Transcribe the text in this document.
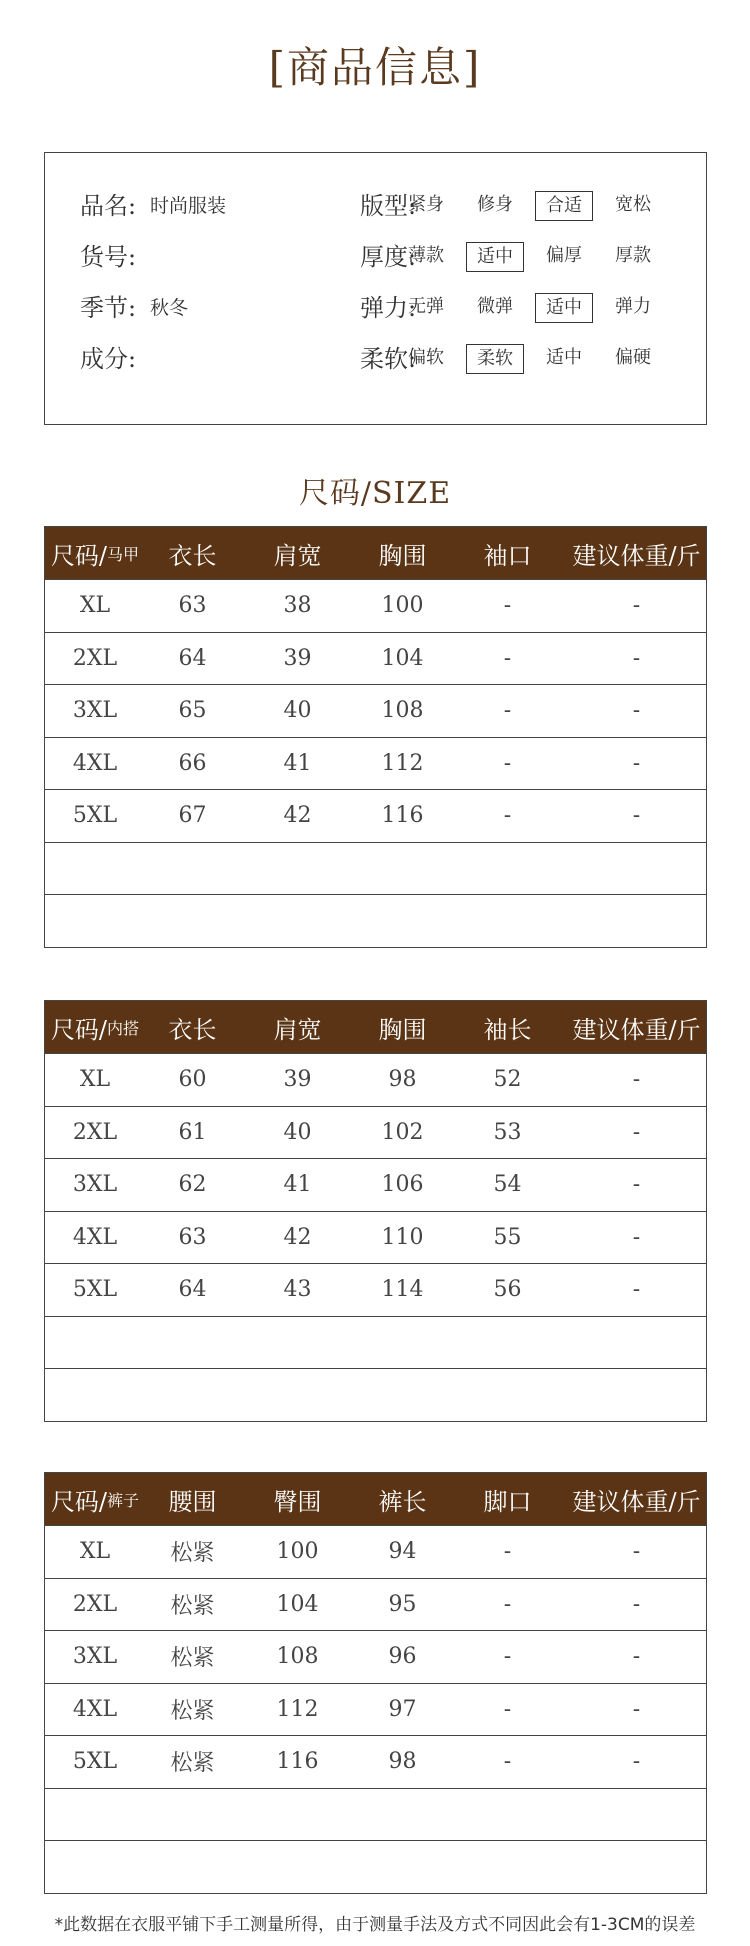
[商品信息]
品名: 时尚服装	版型:
紧身	修身	合适	宽松
货号:	厚度:
薄款	适中	偏厚	厚款
季节: 秋冬	弹力:
无弹	微弹	适中	弹力
成分:	柔软:
偏软	柔软	适中	偏硬
尺码/SIZE
尺码/ 马甲	衣长	肩宽	胸围	袖口	建议体重/斤
XL	63	38	100	-	-
2XL	64	39	104	-	-
3XL	65	40	108	-	-
4XL	66	41	112	-	-
5XL	67	42	116	-	-
尺码/ 内搭	衣长	肩宽	胸围	袖长	建议体重/斤
XL	60	39	98	52	-
2XL	61	40	102	53	-
3XL	62	41	106	54	-
4XL	63	42	110	55	-
5XL	64	43	114	56	-
尺码/ 裤子	腰围	臀围	裤长	脚口	建议体重/斤
XL	松紧	100	94	-	-
2XL	松紧	104	95	-	-
3XL	松紧	108	96	-	-
4XL	松紧	112	97	-	-
5XL	松紧	116	98	-	-
*此数据在衣服平铺下手工测量所得，由于测量手法及方式不同因此会有1-3CM的误差
